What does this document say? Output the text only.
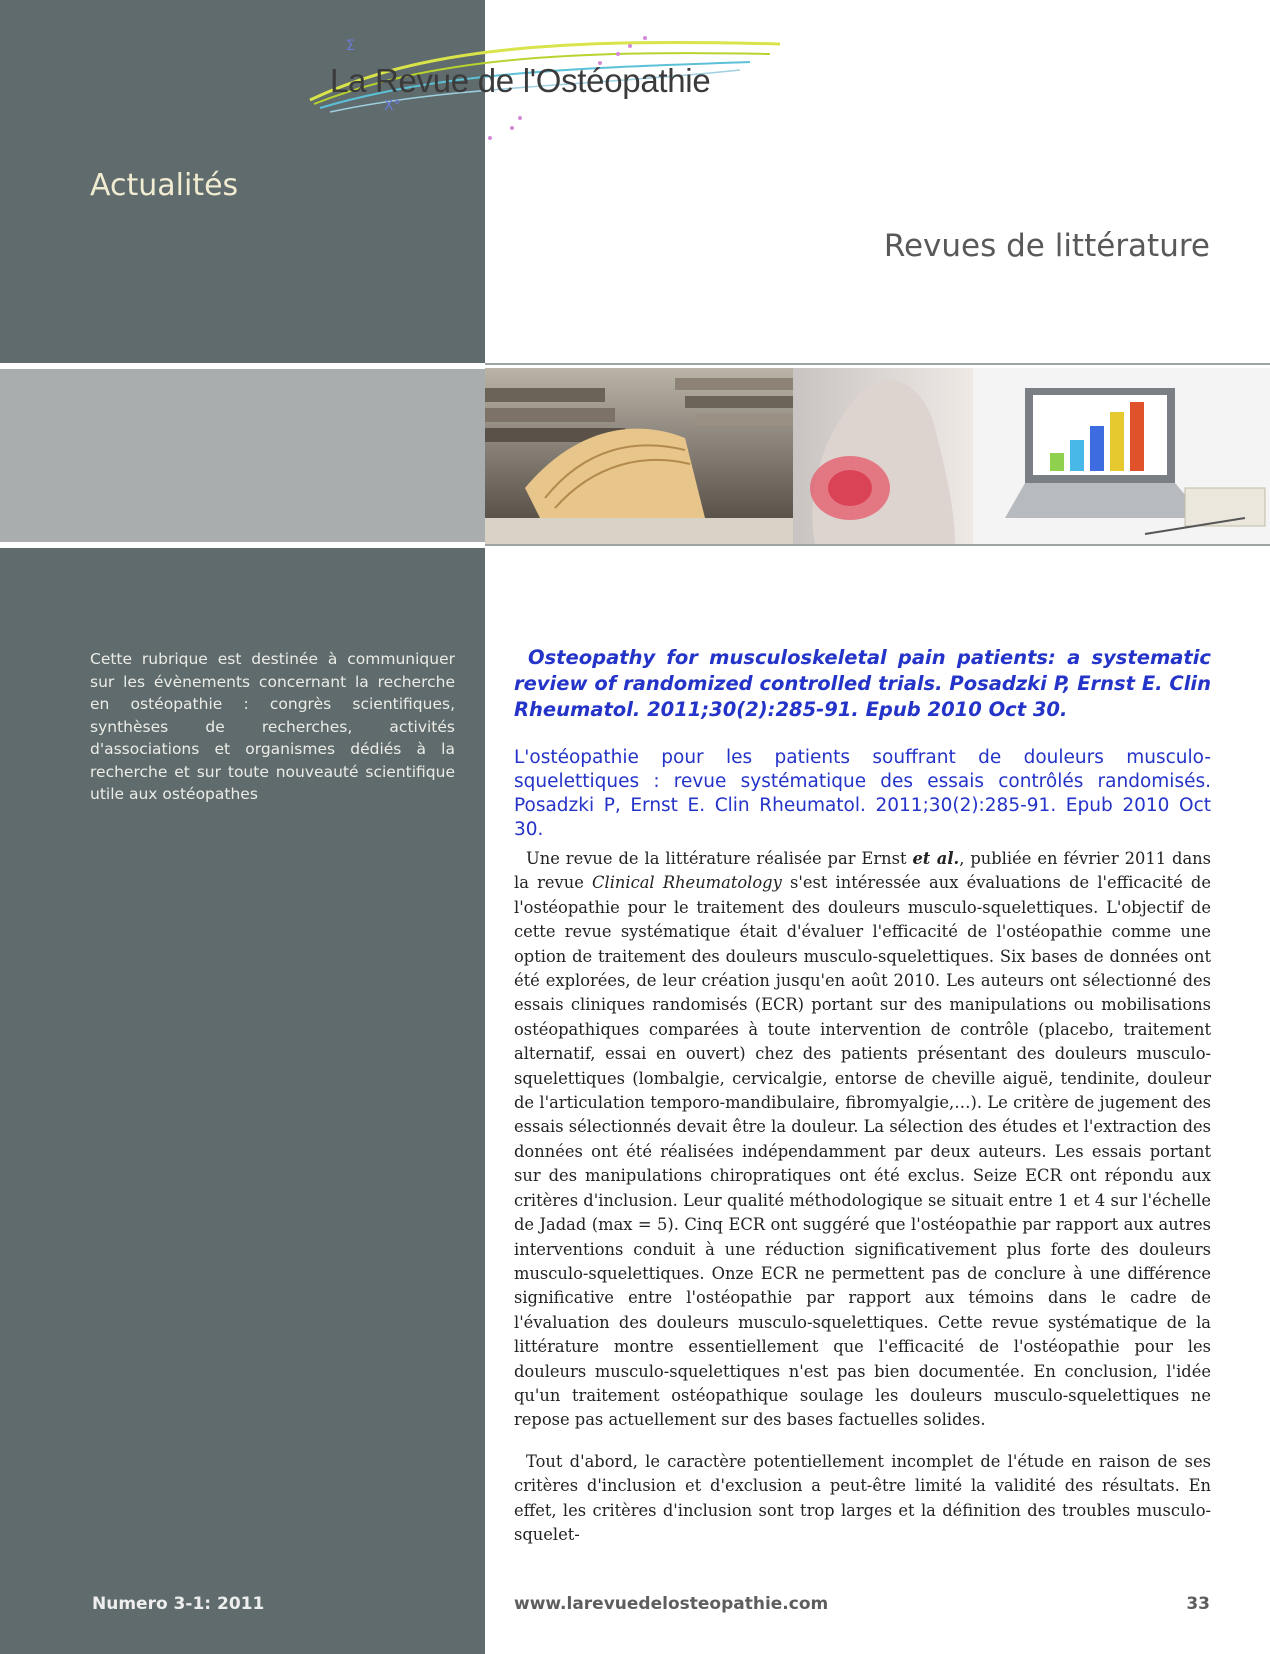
Σ
X°
La Revue de l'Ostéopathie
Actualités
Revues de littérature
Cette rubrique est destinée à communiquer sur les évènements concernant la recherche en ostéopathie : congrès scientifiques, synthèses de recherches, activités d'associations et organismes dédiés à la recherche et sur toute nouveauté scientifique utile aux ostéopathes
Osteopathy for musculoskeletal pain patients: a systematic review of randomized controlled trials. Posadzki P, Ernst E. Clin Rheumatol. 2011;30(2):285-91. Epub 2010 Oct 30.
L'ostéopathie pour les patients souffrant de douleurs musculo-squelettiques : revue systématique des essais contrôlés randomisés. Posadzki P, Ernst E. Clin Rheumatol. 2011;30(2):285-91. Epub 2010 Oct 30.

Une revue de la littérature réalisée par Ernst et al., publiée en février 2011 dans la revue Clinical Rheumatology s'est intéressée aux évaluations de l'efficacité de l'ostéopathie pour le traitement des douleurs musculo-squelettiques. L'objectif de cette revue systématique était d'évaluer l'efficacité de l'ostéopathie comme une option de traitement des douleurs musculo-squelettiques. Six bases de données ont été explorées, de leur création jusqu'en août 2010. Les auteurs ont sélectionné des essais cliniques randomisés (ECR) portant sur des manipulations ou mobilisations ostéopathiques comparées à toute intervention de contrôle (placebo, traitement alternatif, essai en ouvert) chez des patients présentant des douleurs musculo-squelettiques (lombalgie, cervicalgie, entorse de cheville aiguë, tendinite, douleur de l'articulation temporo-mandibulaire, fibromyalgie,…). Le critère de jugement des essais sélectionnés devait être la douleur. La sélection des études et l'extraction des données ont été réalisées indépendamment par deux auteurs. Les essais portant sur des manipulations chiropratiques ont été exclus. Seize ECR ont répondu aux critères d'inclusion. Leur qualité méthodologique se situait entre 1 et 4 sur l'échelle de Jadad (max = 5). Cinq ECR ont suggéré que l'ostéopathie par rapport aux autres interventions conduit à une réduction significativement plus forte des douleurs musculo-squelettiques. Onze ECR ne permettent pas de conclure à une différence significative entre l'ostéopathie par rapport aux témoins dans le cadre de l'évaluation des douleurs musculo-squelettiques. Cette revue systématique de la littérature montre essentiellement que l'efficacité de l'ostéopathie pour les douleurs musculo-squelettiques n'est pas bien documentée. En conclusion, l'idée qu'un traitement ostéopathique soulage les douleurs musculo-squelettiques ne repose pas actuellement sur des bases factuelles solides.

Tout d'abord, le caractère potentiellement incomplet de l'étude en raison de ses critères d'inclusion et d'exclusion a peut-être limité la validité des résultats. En effet, les critères d'inclusion sont trop larges et la définition des troubles musculo-squelet-

Numero 3-1: 2011	www.larevuedelosteopathie.com	33
